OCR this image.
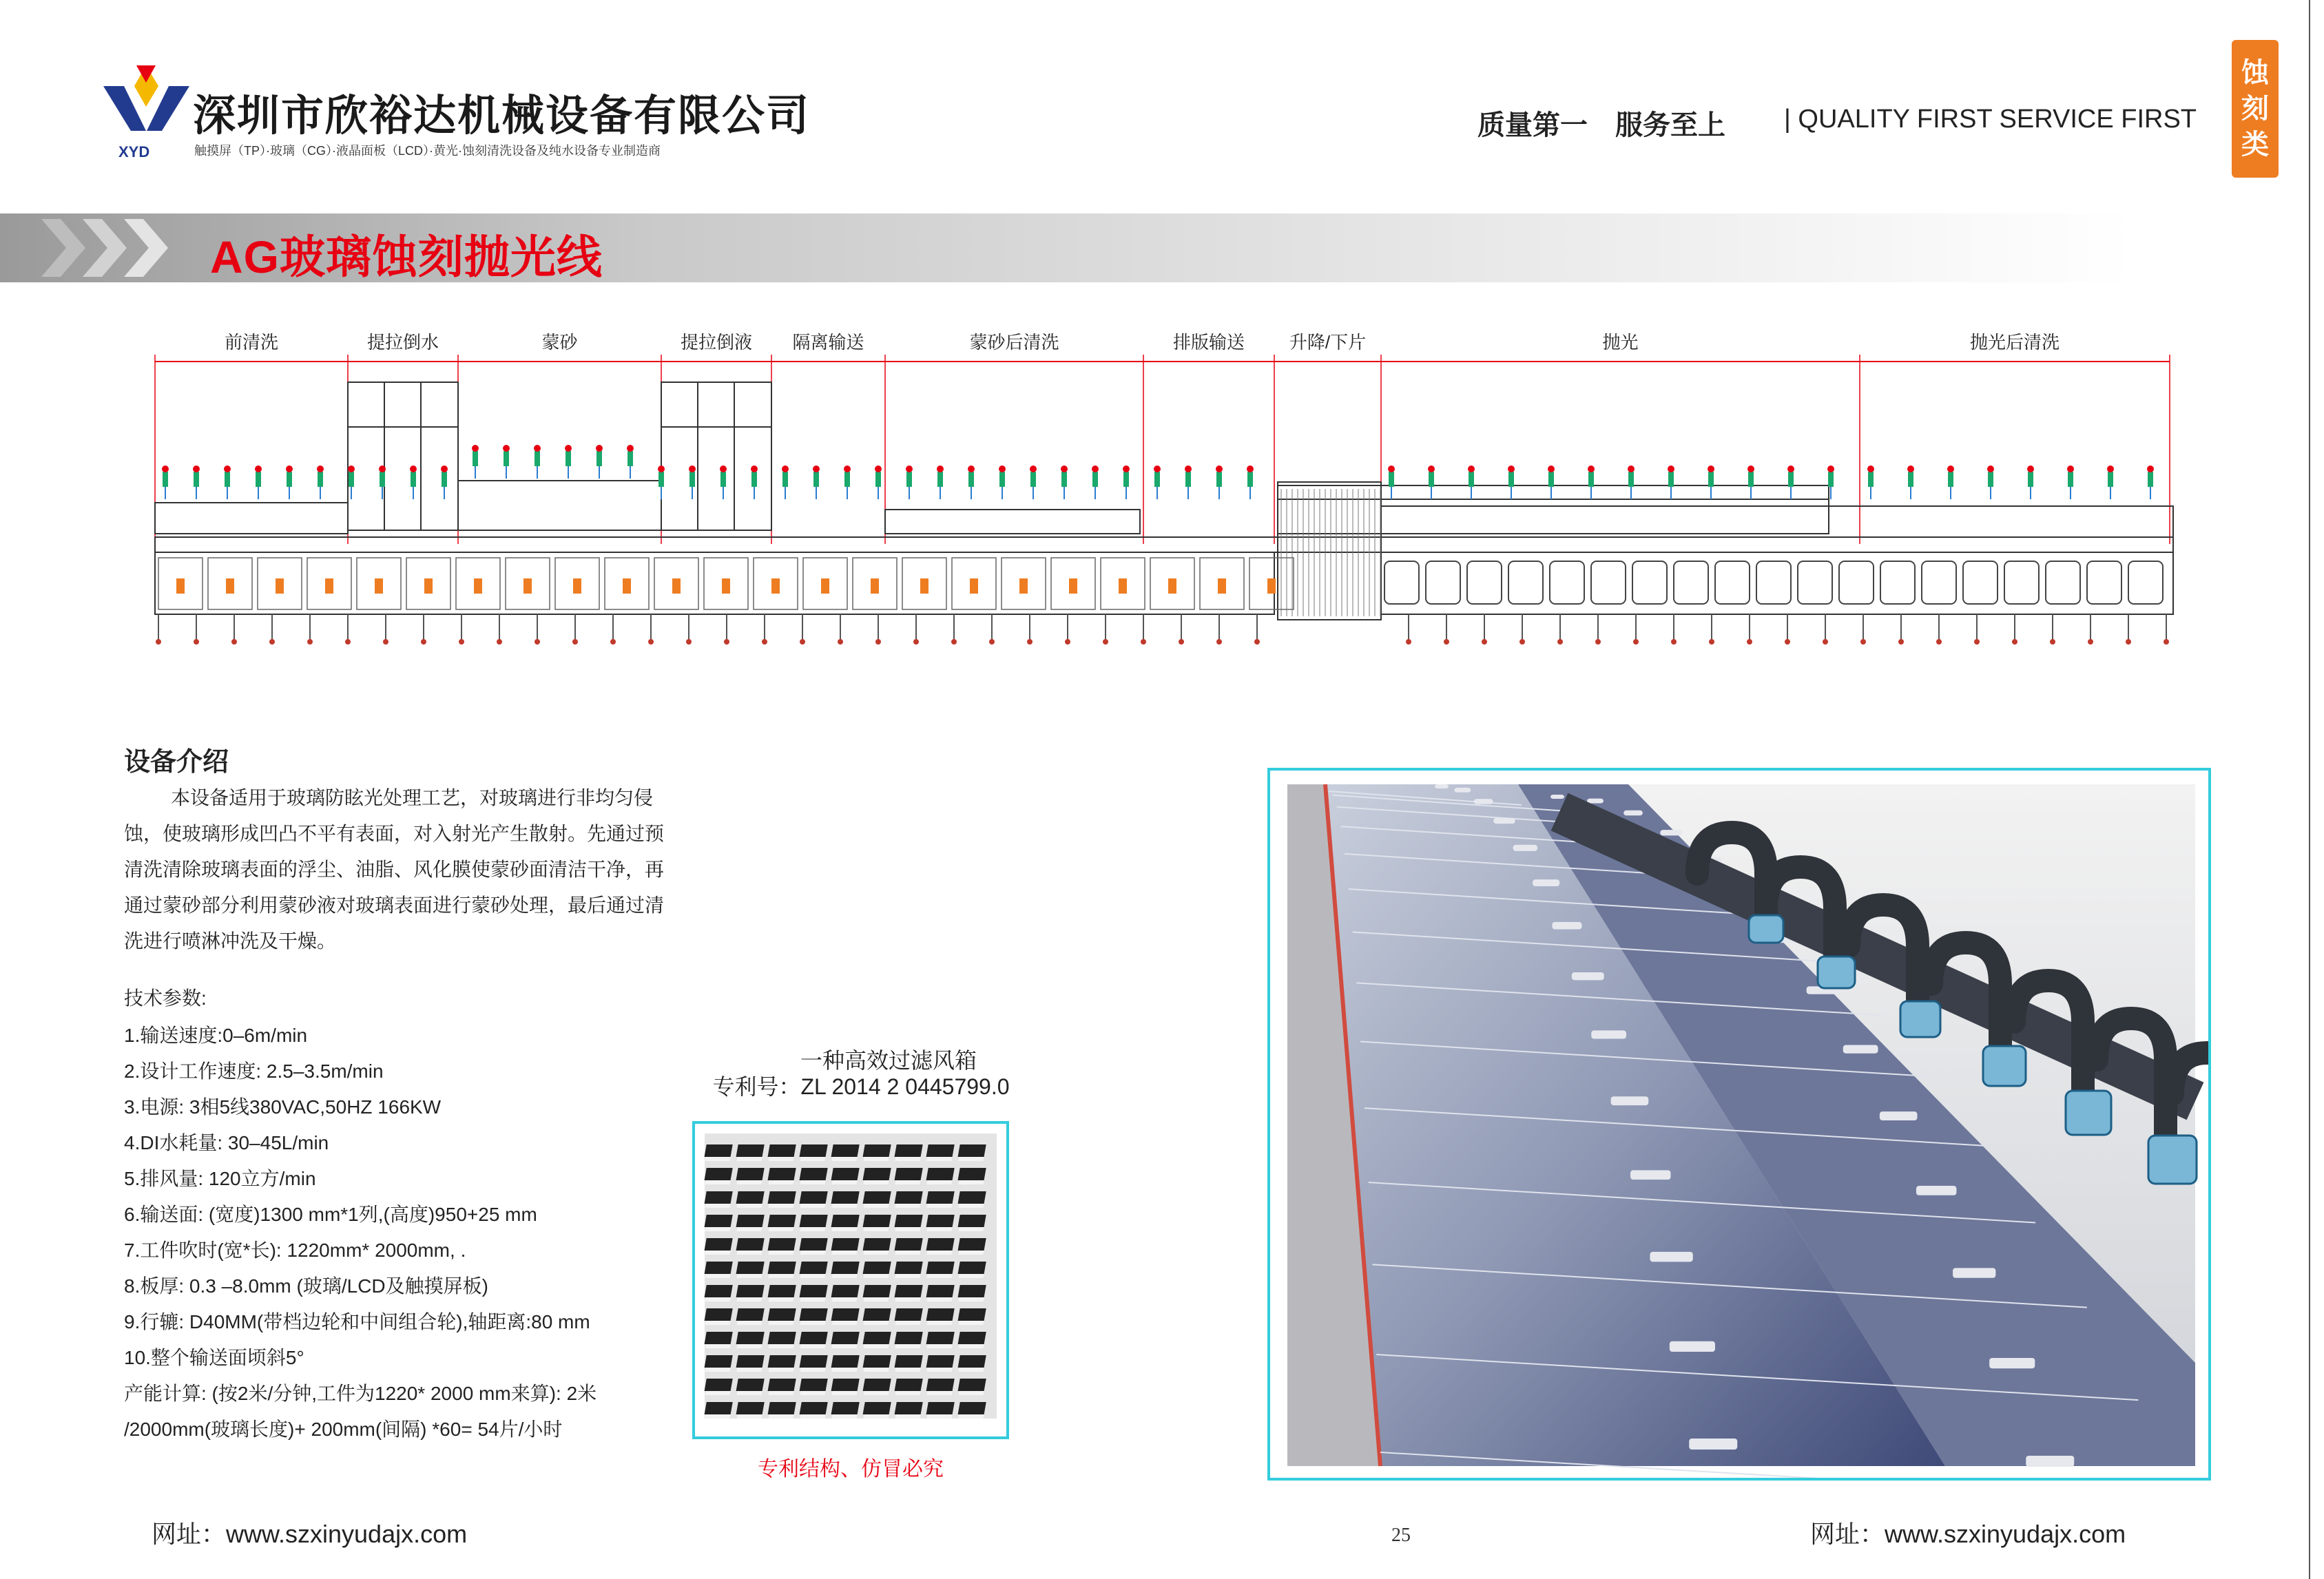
XYD
深圳市欣裕达机械设备有限公司
触摸屏（TP）·玻璃（CG）·液晶面板（LCD）·黄光·蚀刻清洗设备及纯水设备专业制造商
质量第一　服务至上 | QUALITY FIRST SERVICE FIRST
蚀
刻
类
AG玻璃蚀刻抛光线
前清洗	提拉倒水	蒙砂	提拉倒液 隔离输送	蒙砂后清洗	排版输送 升降/下片	抛光	抛光后清洗
设备介绍
本设备适用于玻璃防眩光处理工艺，对玻璃进行非均匀侵蚀，使玻璃形成凹凸不平有表面，对入射光产生散射。先通过预清洗清除玻璃表面的浮尘、油脂、风化膜使蒙砂面清洁干净，再通过蒙砂部分利用蒙砂液对玻璃表面进行蒙砂处理，最后通过清洗进行喷淋冲洗及干燥。
技术参数:
1.输送速度:0–6m/min
2.设计工作速度: 2.5–3.5m/min
3.电源: 3相5线380VAC,50HZ 166KW
4.DI水耗量: 30–45L/min
5.排风量: 120立方/min
6.输送面: (宽度)1300 mm*1列,(高度)950+25 mm
7.工件吹时(宽*长): 1220mm* 2000mm, .
8.板厚: 0.3 –8.0mm (玻璃/LCD及触摸屏板)
9.行辘: D40MM(带档边轮和中间组合轮),轴距离:80 mm
10.整个输送面顷斜5°
产能计算: (按2米/分钟,工件为1220* 2000 mm来算): 2米
/2000mm(玻璃长度)+ 200mm(间隔) *60= 54片/小时
一种高效过滤风箱
专利号：ZL 2014 2 0445799.0
专利结构、仿冒必究
网址：www.szxinyudajx.com	25	网址：www.szxinyudajx.com
